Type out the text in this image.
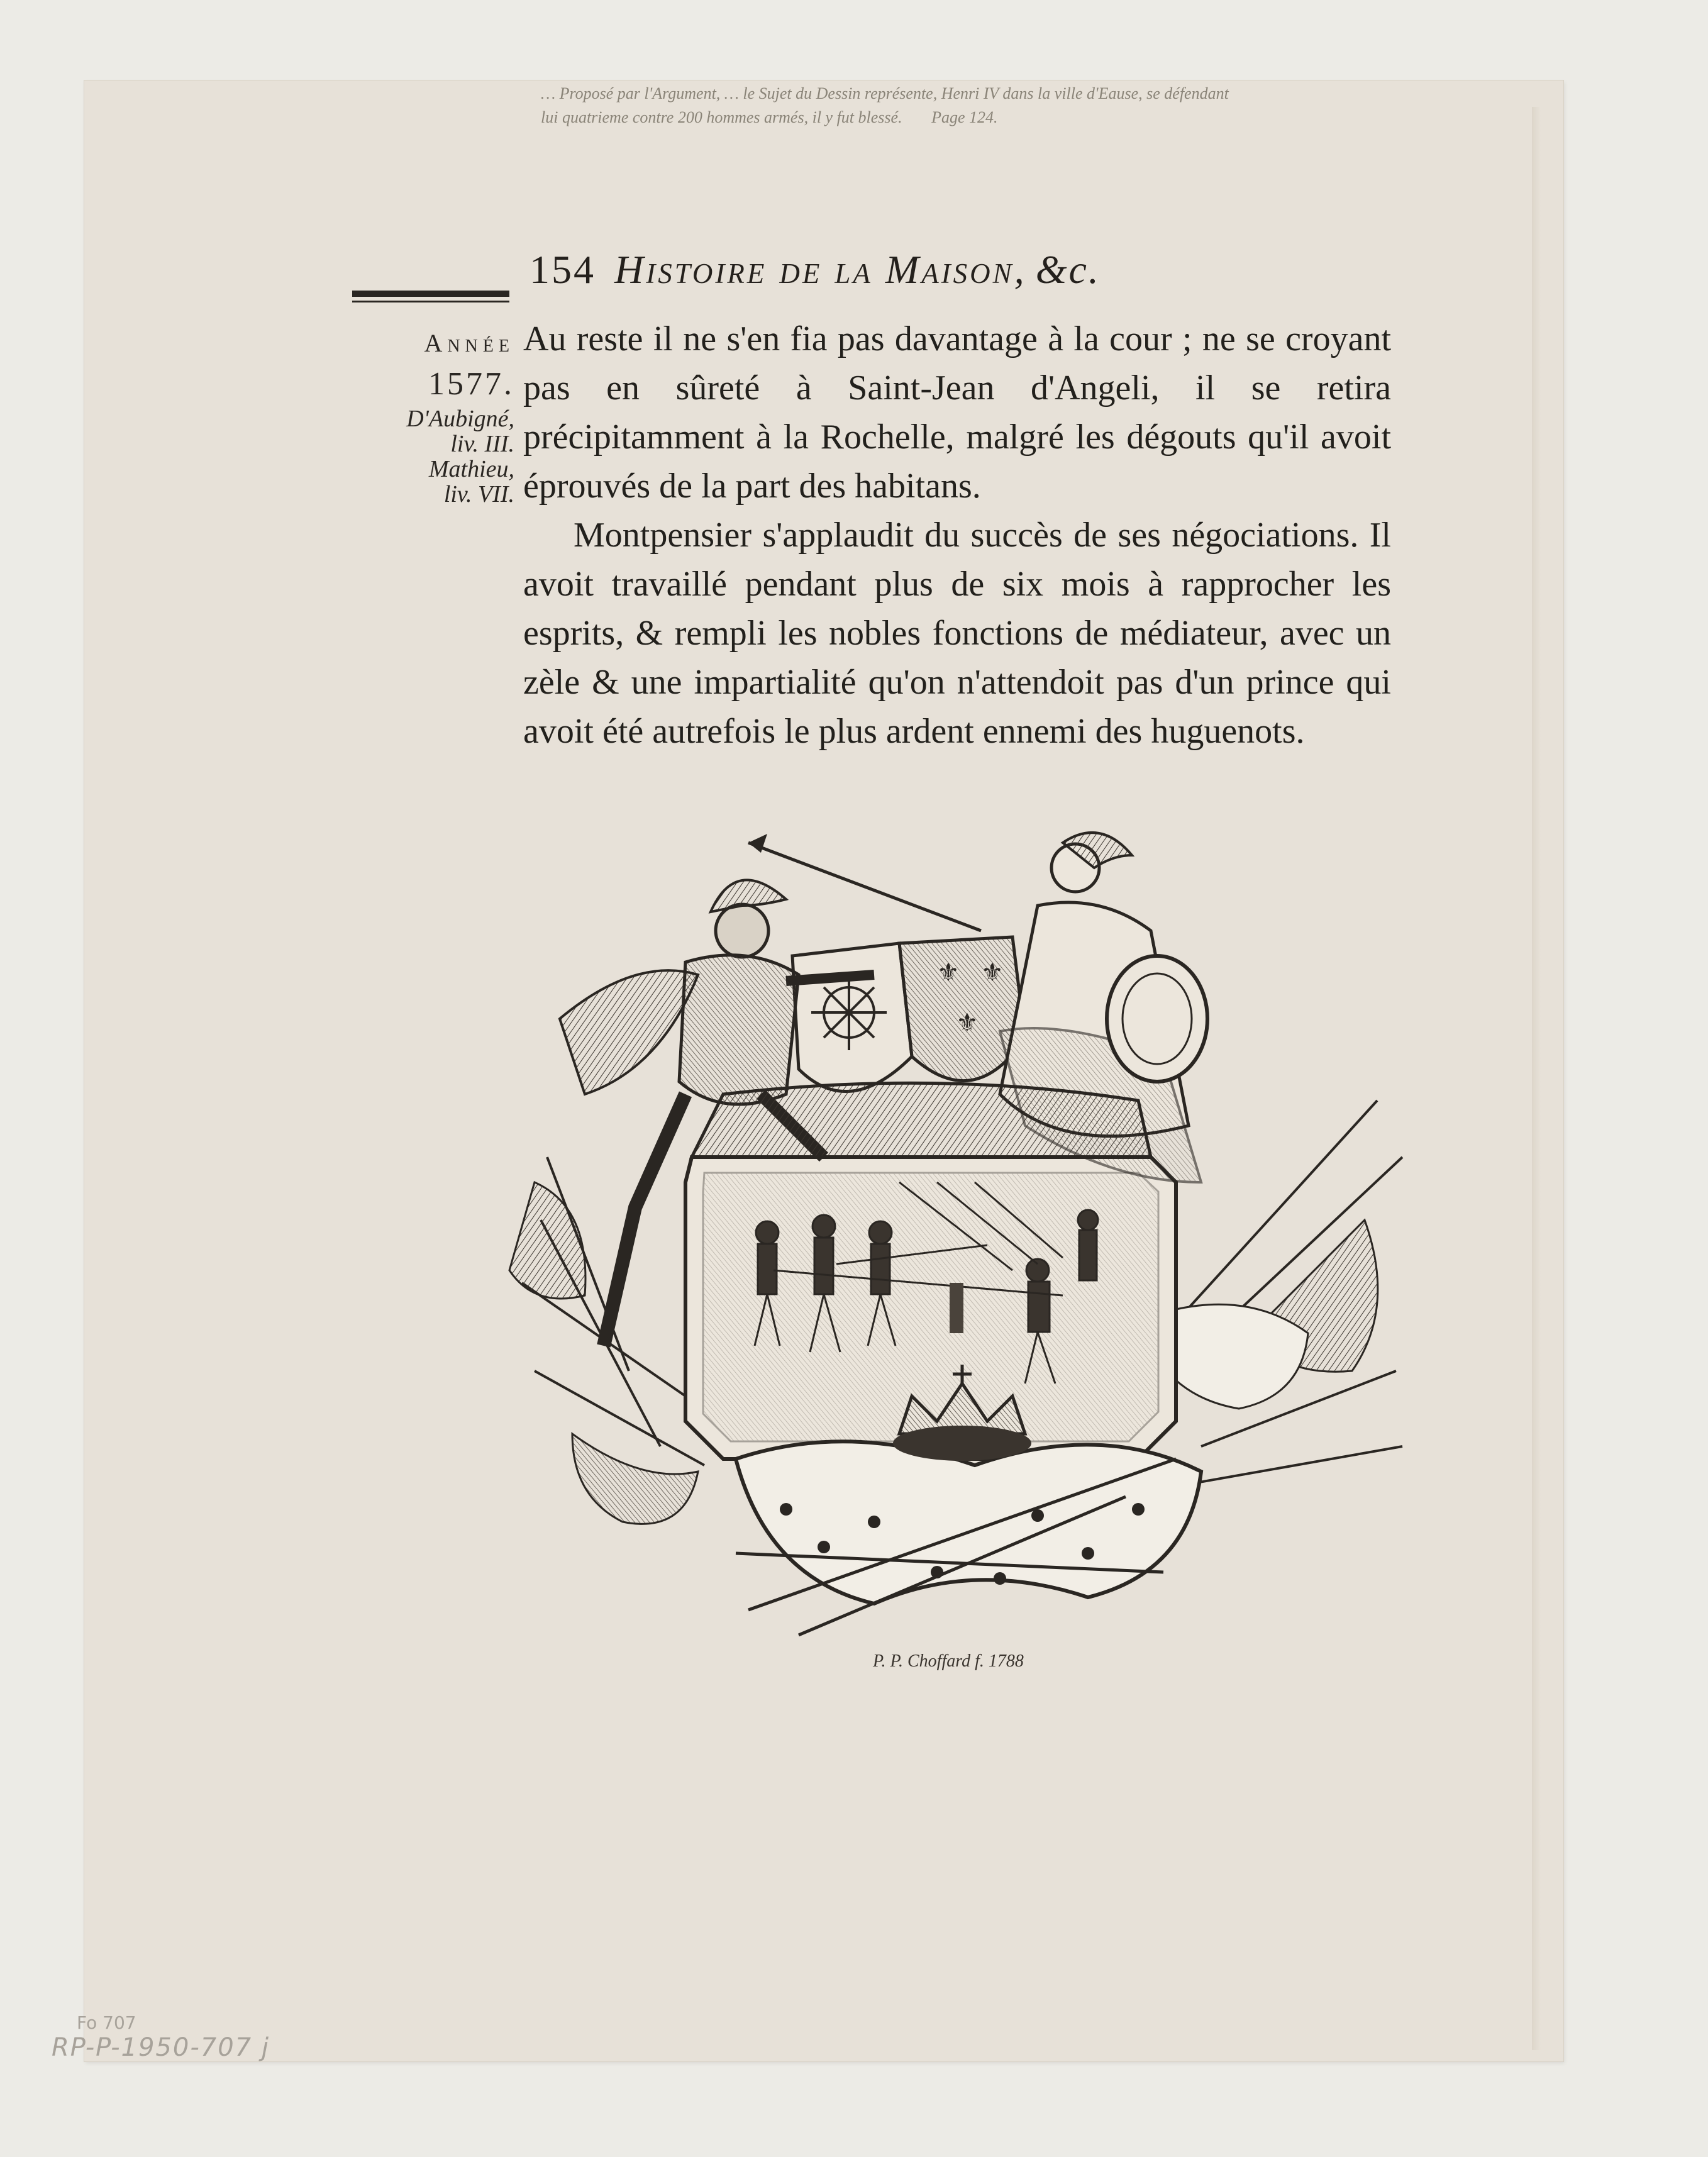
… Proposé par l'Argument, … le Sujet du Dessin représente, Henri IV dans la ville d'Eause, se défendant
lui quatrieme contre 200 hommes armés, il y fut blessé. Page 124.
154 Histoire de la Maison, &c.
Année
1577.
D'Aubigné,
liv. III.
Mathieu,
liv. VII.

Au reste il ne s'en fia pas davantage à la cour ; ne se croyant pas en sûreté à Saint-Jean d'Angeli, il se retira précipitamment à la Rochelle, malgré les dégouts qu'il avoit éprouvés de la part des habitans.

Montpensier s'applaudit du succès de ses négociations. Il avoit travaillé pendant plus de six mois à rapprocher les esprits, & rempli les nobles fonctions de médiateur, avec un zèle & une impartialité qu'on n'attendoit pas d'un prince qui avoit été autrefois le plus ardent ennemi des huguenots.

⚜ ⚜
⚜
P. P. Choffard f. 1788
Fo 707
RP-P-1950-707 j
